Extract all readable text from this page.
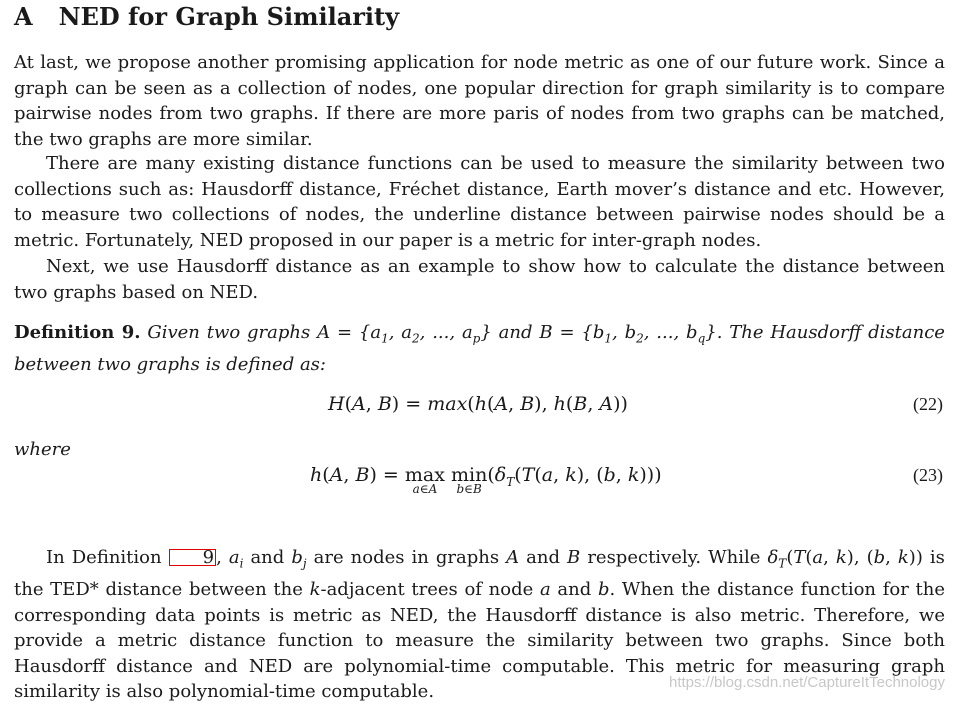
A NED for Graph Similarity

At last, we propose another promising application for node metric as one of our future work. Since a graph can be seen as a collection of nodes, one popular direction for graph similarity is to compare pairwise nodes from two graphs. If there are more paris of nodes from two graphs can be matched, the two graphs are more similar.

There are many existing distance functions can be used to measure the similarity between two collections such as: Hausdorff distance, Fréchet distance, Earth mover’s distance and etc. However, to measure two collections of nodes, the underline distance between pairwise nodes should be a metric. Fortunately, NED proposed in our paper is a metric for inter-graph nodes.

Next, we use Hausdorff distance as an example to show how to calculate the distance between two graphs based on NED.

Definition 9. Given two graphs $A = \{a_1$, $a_2$, ..., $a_p$} and $B = \{b_1$, $b_2$, ..., $b_q$}. The Hausdorff distance between two graphs is defined as:

H(A, B) = max(h(A, B), h(B, A))	(22)

where

h(A, B) = max
a∈A
min
b∈B
($\delta_T(T(a$, k), (b, k)))	(23)

In Definition 9 , $a_i$ and $b_j$ are nodes in graphs A and B respectively. While $\delta_T(T(a$, k), (b, k)) is the TED* distance between the k-adjacent trees of node a and b. When the distance function for the corresponding data points is metric as NED, the Hausdorff distance is also metric. Therefore, we provide a metric distance function to measure the similarity between two graphs. Since both Hausdorff distance and NED are polynomial-time computable. This metric for measuring graph similarity is also polynomial-time computable.	https://blog.csdn.net/CaptureItTechnology
